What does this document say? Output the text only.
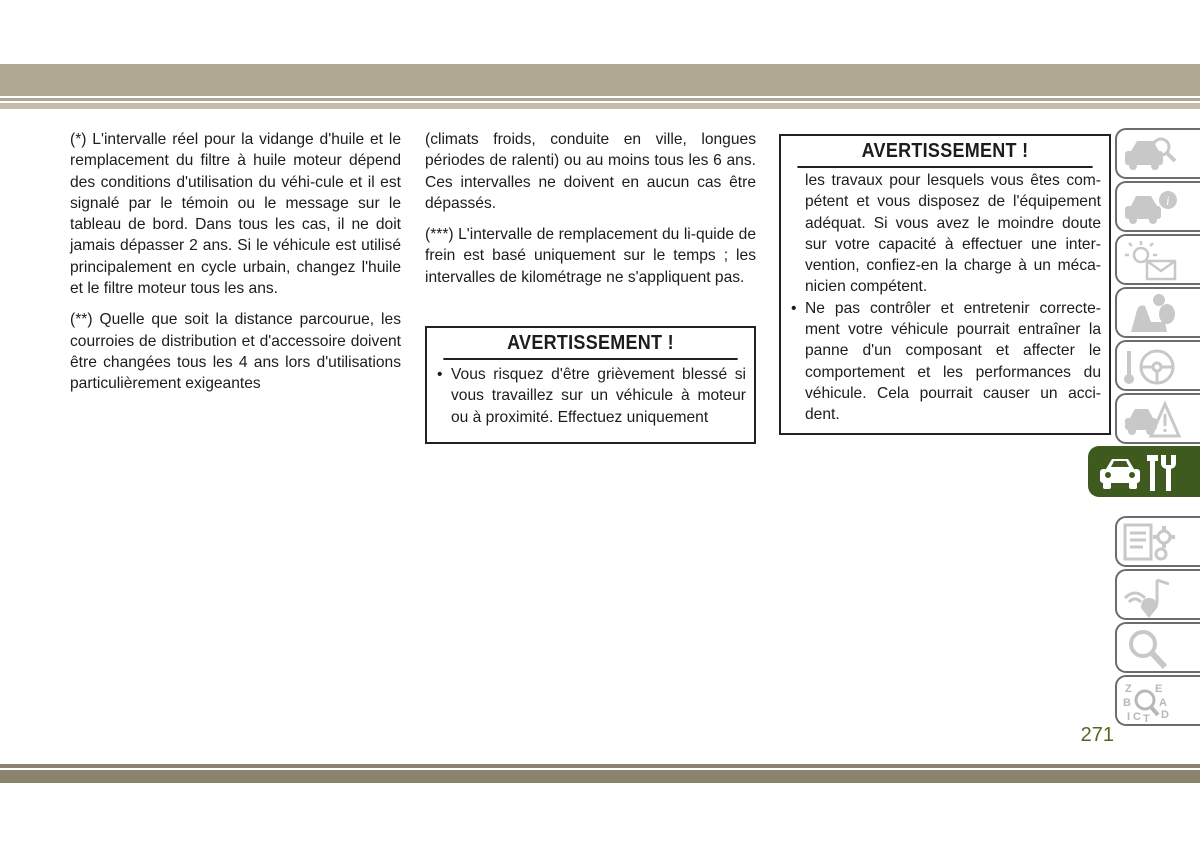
(*) L'intervalle réel pour la vidange d'huile et le remplacement du filtre à huile moteur dépend des conditions d'utilisation du véhi-cule et il est signalé par le témoin ou le message sur le tableau de bord. Dans tous les cas, il ne doit jamais dépasser 2 ans. Si le véhicule est utilisé principalement en cycle urbain, changez l'huile et le filtre moteur tous les ans.

(**) Quelle que soit la distance parcourue, les courroies de distribution et d'accessoire doivent être changées tous les 4 ans lors d'utilisations particulièrement exigeantes

(climats froids, conduite en ville, longues périodes de ralenti) ou au moins tous les 6 ans. Ces intervalles ne doivent en aucun cas être dépassés.

(***) L'intervalle de remplacement du li-quide de frein est basé uniquement sur le temps ; les intervalles de kilométrage ne s'appliquent pas.

AVERTISSEMENT !
• Vous risquez d'être grièvement blessé si vous travaillez sur un véhicule à moteur ou à proximité. Effectuez uniquement
AVERTISSEMENT !
les travaux pour lesquels vous êtes com-pétent et vous disposez de l'équipement adéquat. Si vous avez le moindre doute sur votre capacité à effectuer une inter-vention, confiez-en la charge à un méca-nicien compétent.
• Ne pas contrôler et entretenir correcte-ment votre véhicule pourrait entraîner la panne d'un composant et affecter le comportement et les performances du véhicule. Cela pourrait causer un acci-dent.
i
Z
B
I C T
E
A
D
271
